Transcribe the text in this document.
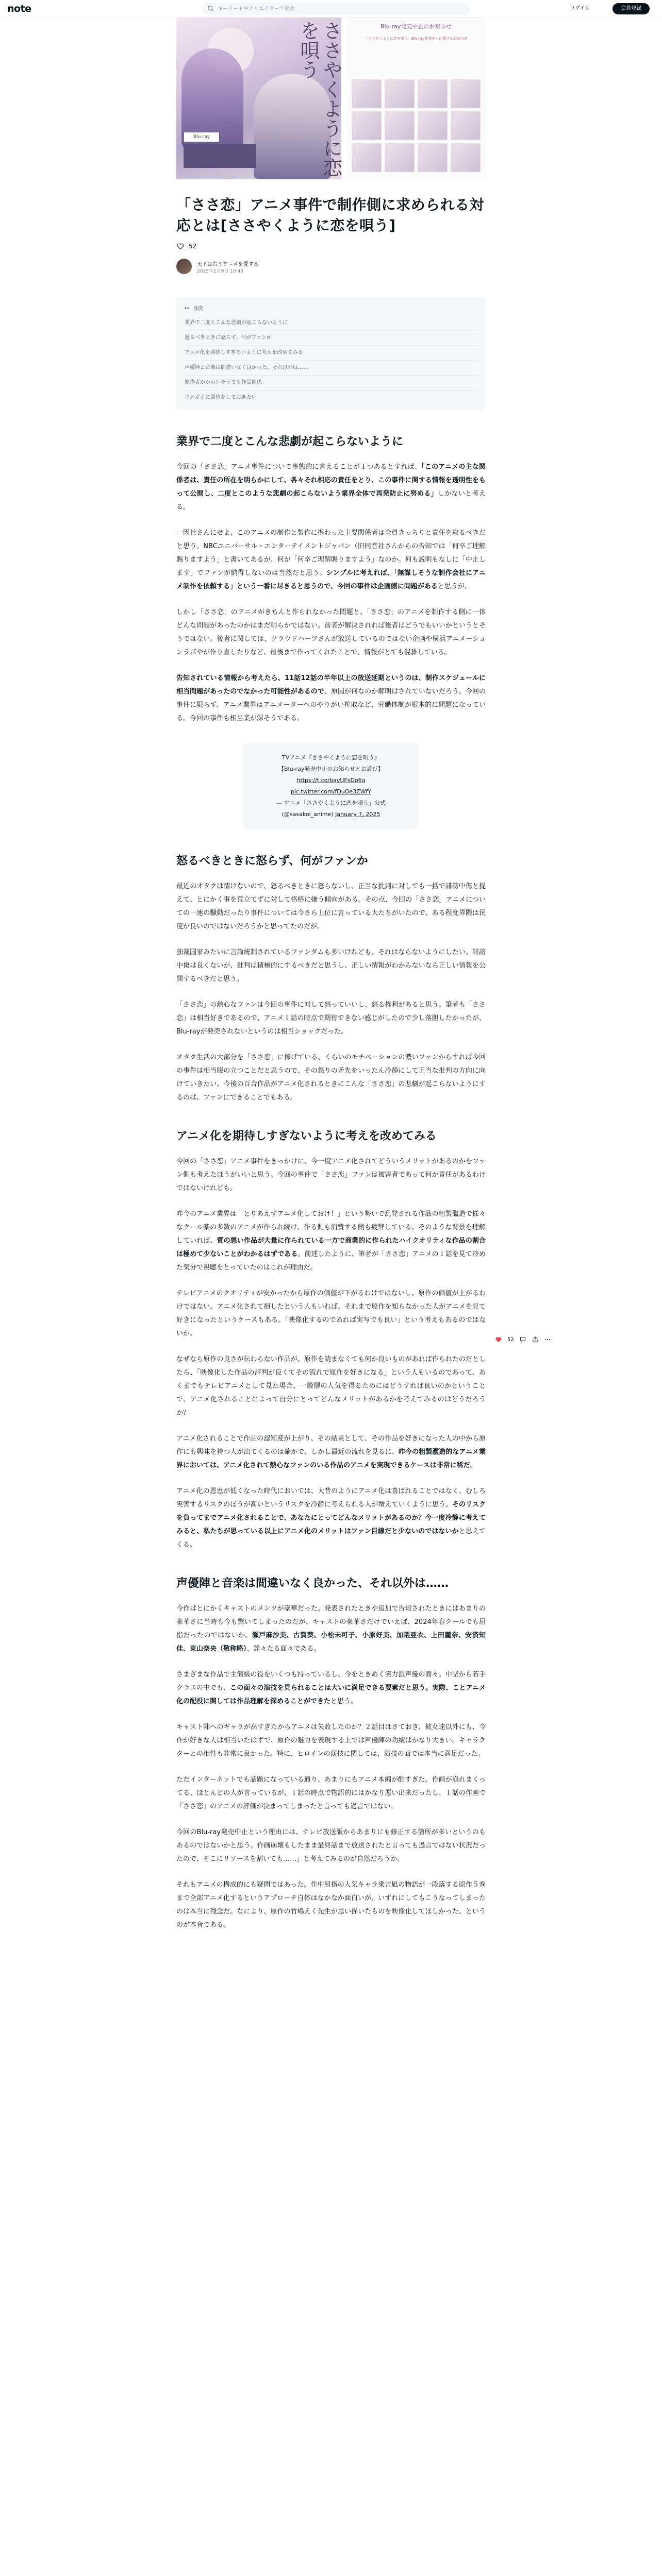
note
キーワードやクリエイターで検索	ログイン	会員登録
ささやくように恋を唄う
Blu-ray
Blu-ray発売中止のお知らせ
「ささやくように恋を唄う」Blu-ray発売中止に関するお知らせ
「ささ恋」アニメ事件で制作側に求められる対応とは[ささやくように恋を唄う]
52
天下は右ミアニメを愛する
2025年1月9日 10:43
目次
業界で二度とこんな悲劇が起こらないように
怒るべきときに怒らず、何がファンか
アニメ化を期待しすぎないように考えを改めてみる
声優陣と音楽は間違いなく良かった、それ以外は……
原作者がかわいそうでも作品関係
ウメガネに期待をしておきたい
業界で二度とこんな悲劇が起こらないように

今回の「ささ恋」アニメ事件について事態的に言えることが１つあるとすれば、「このアニメの主な関係者は、責任の所在を明らかにして、各々それ相応の責任をとり、この事件に関する情報を透明性をもって公開し、二度とこのような悲劇の起こらないよう業界全体で再発防止に努める」しかないと考える。

一因社さんにせよ、このアニメの制作と製作に携わった主要関係者は全員きっちりと責任を取るべきだと思う。NBCユニバーサル・エンターテイメントジャパン（旧同音社さんからの告知では「何卒ご理解賜りますよう」と書いてあるが、何が「何卒ご理解賜りますよう」なのか。何も説明もなしに「中止します」でファンが納得しないのは当然だと思う。シンプルに考えれば、「無謀しそうな制作会社にアニメ制作を依頼する」という一番に尽きると思うので、今回の事件は企画側に問題があると思うが、

しかし「ささ恋」のアニメがきちんと作られなかった問題と、「ささ恋」のアニメを制作する側に一体どんな問題があったのかはまだ明らかではない。前者が解決されれば後者はどうでもいいかというとそうではない。後者に関しては、クラウドハーツさんが放送しているのではない企画や横浜アニメーションラボやが作り直したりなど、最後まで作ってくれたことで、情報がとても混雑している。

告知されている情報から考えたら、11話12話の半年以上の放送延期というのは、制作スケジュールに相当問題があったのでなかった可能性があるので、原因が何なのか解明はされていないだろう。今回の事件に限らず、アニメ業界はアニメーターへのやりがい搾取など、労働体制が根本的に問題になっている。今回の事件も相当業が深そうである。

TVアニメ『ささやくように恋を唄う』
【Blu-ray発売中止のお知らせとお詫び】
https://t.co/bavUFsDo6q
pic.twitter.com/fDuOe3ZWfY
— アニメ「ささやくように恋を唄う」公式
(@sasakoi_anime) January 7, 2025
怒るべきときに怒らず、何がファンか

最近のオタクは情けないので、怒るべきときに怒らないし、正当な批判に対しても一括で誹謗中傷と捉えて、とにかく事を荒立てずに対して格格に嫌う傾向がある。その点、今回の「ささ恋」アニメについての一連の騒動だったり事件については今さら上位に言っている大たちがいたので、ある程度界隈は民度が良いのではないだろうかと思ってたのだが。

独裁国家みたいに言論統制されているファンダムも多いけれども、それはならないようにしたい。誹謗中傷は良くないが、批判は積極的にするべきだと思うし、正しい情報がわからないなら正しい情報を公開するべきだと思う。

「ささ恋」の熱心なファンは今回の事件に対して怒っていいし、怒る権利があると思う。筆者も「ささ恋」は相当好きであるので、アニメ１話の時点で期待できない感じがしたので少し落胆したかったが、Blu-rayが発売されないというのは相当ショックだった。

オタク生活の大部分を「ささ恋」に捧げている、くらいのモチベーションの濃いファンからすれば今回の事件は相当腹の立つことだと思うので、その怒りの矛先をいったん冷静にして正当な批判の方向に向けていきたい。今後の百合作品がアニメ化されるときにこんな「ささ恋」の悲劇が起こらないようにするのは、ファンにできることでもある。

アニメ化を期待しすぎないように考えを改めてみる

今回の「ささ恋」アニメ事件をきっかけに、今一度アニメ化されてどういうメリットがあるのかをファン側も考えたほうがいいと思う。今回の事件で「ささ恋」ファンは被害者であって何か責任があるわけではないけれども。

昨今のアニメ業界は「とりあえずアニメ化しておけ！」という勢いで乱発される作品の粗製濫造で様々なクール楽の多数のアニメが作られ続け、作る側も消費する側も疲弊している。そのような背景を理解していれば、質の悪い作品が大量に作られている一方で商業的に作られたハイクオリティな作品の割合は極めて少ないことがわかるはずである。前述したように、筆者が「ささ恋」アニメの１話を見て冷めた気分で視聴をとっていたのはこれが理由だ。

テレビアニメのクオリティが安かったから原作の価値が下がるわけではないし、原作の価値が上がるわけではない。アニメ化されて損したという人もいれば、それまで原作を知らなかった人がアニメを見て好きになったというケースもある。「映像化するのであれば実写でも良い」という考えもあるのではないか。

なぜなら原作の良さが伝わらない作品が、原作を読まなくても何か良いものがあれば作られたのだとしたら、「映像化した作品の評判が良くてその流れで原作を好きになる」という人もいるのであって、あくまでもテレビアニメとして見た場合、一般層の人気を得るためにはどうすれば良いのかということで、アニメ化されることによって自分にとってどんなメリットがあるかを考えてみるのはどうだろうか？

アニメ化されることで作品の認知度が上がり、その結果として、その作品を好きになった人の中から原作にも興味を持つ人が出てくるのは確かで、しかし最近の流れを見るに、昨今の粗製濫造的なアニメ業界においては、アニメ化されて熱心なファンのいる作品のアニメを実現できるケースは非常に稀だ。

アニメ化の恩恵が低くなった時代においては、大昔のようにアニメ化は喜ばれることではなく、むしろ実害するリスクのほうが高いというリスクを冷静に考えられる人が増えていくように思う。そのリスクを負ってまでアニメ化されることで、あなたにとってどんなメリットがあるのか？今一度冷静に考えてみると、私たちが思っている以上にアニメ化のメリットはファン目線だと少ないのではないかと思えてくる。

声優陣と音楽は間違いなく良かった、それ以外は……

今作はとにかくキャストのメンツが豪華だった。発表されたときや追加で告知されたときにはあまりの豪華さに当時も今も驚いてしまったのだが、キャストの豪華さだけでいえば、2024年春クールでも屈指だったのではないか。瀬戸麻沙美、古賀葵、小松未可子、小原好美、加隈亜衣、上田麗奈、安済知佳、東山奈央（敬称略）、錚々たる面々である。

さまざまな作品で主演級の役をいくつも持っているし、今をときめく実力派声優の面々。中堅から若手クラスの中でも、この面々の演技を見られることは大いに満足できる要素だと思う。実際、ことアニメ化の配役に関しては作品理解を深めることができたと思う。

キャスト陣へのギャラが高すぎたからアニメは失敗したのか？２話目はさておき、彼女達以外にも、今作が好きな人は相当いたはずで、原作の魅力を表現する上では声優陣の功績はかなり大きい。キャラクターとの相性も非常に良かった。特に、ヒロインの演技に関しては、演技の面では本当に満足だった。

ただインターネットでも話題になっている通り、あまりにもアニメ本編が酷すぎた。作画が崩れまくってる、ほとんどの人が言っているが、１話の時点で物語的にはかなり悪い出来だったし、１話の作画で「ささ恋」のアニメの評価が決まってしまったと言っても過言ではない。

今回のBlu-ray発売中止という理由には、テレビ放送版からあまりにも修正する箇所が多いというのもあるのではないかと思う。作画崩壊もしたまま最終話まで放送されたと言っても過言ではない状況だったので、そこにリソースを割いても……」と考えてみるのが自然だろうか。

それもアニメの構成的にも疑問ではあった。作中屈指の人気キャラ乗吉凪の物語が一段落する原作５巻まで全部アニメ化するというアプローチ自体はなかなか面白いが、いずれにしてもこうなってしまったのは本当に残念だ。なにより、原作の竹嶋えく先生が思い描いたものを映像化してほしかった、というのが本音である。

52
